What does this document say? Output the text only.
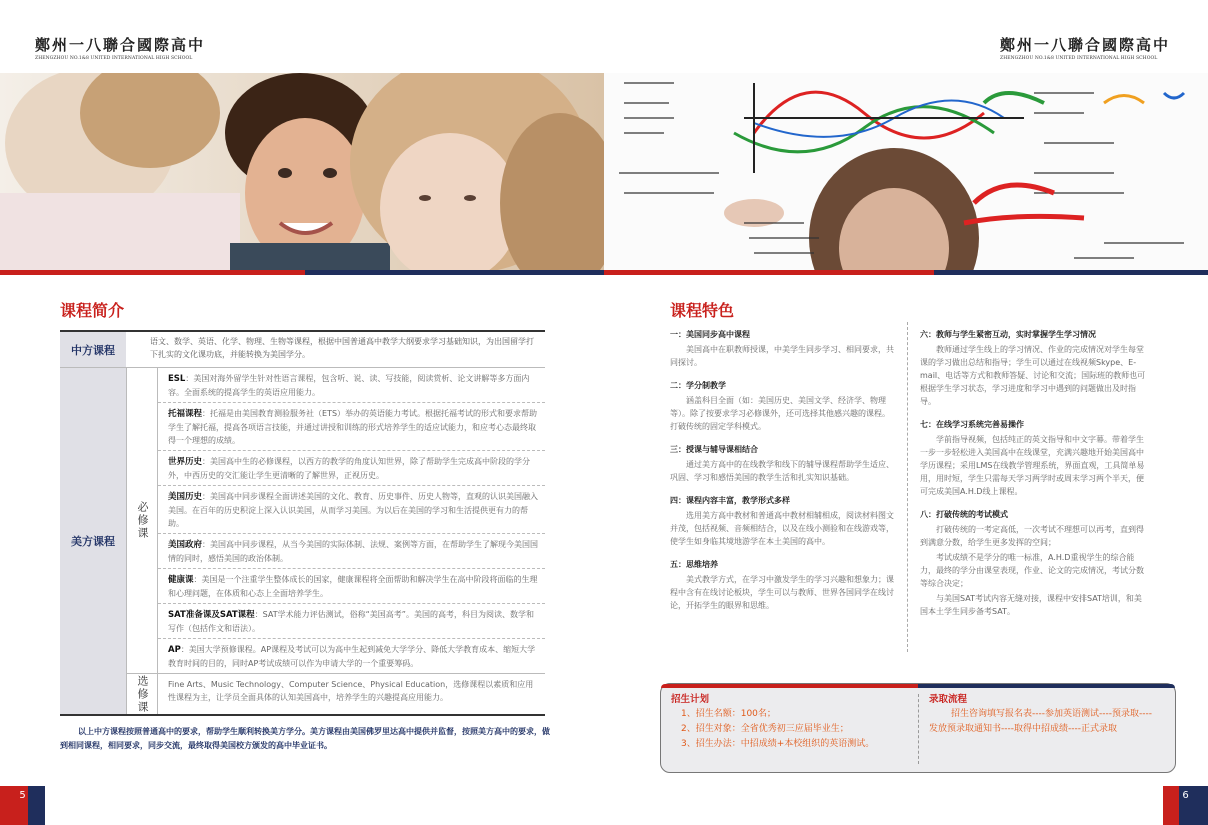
鄭州一八聯合國際高中
ZHENGZHOU NO.1&8 UNITED INTERNATIONAL HIGH SCHOOL
课程简介
中方课程
语文、数学、英语、化学、物理、生物等课程，根据中国普通高中教学大纲要求学习基础知识，为出国留学打下扎实的文化课功底，并能转换为美国学分。
美方课程
必修课
ESL：美国对海外留学生针对性语言课程，包含听、说、读、写技能，阅读赏析、论文讲解等多方面内容。全面系统的提高学生的英语应用能力。
托福课程：托福是由美国教育测验服务社（ETS）举办的英语能力考试。根据托福考试的形式和要求帮助学生了解托福，提高各项语言技能，并通过讲授和训练的形式培养学生的适应试能力，和应考心态最终取得一个理想的成绩。
世界历史：美国高中生的必修课程，以西方的教学的角度认知世界，除了帮助学生完成高中阶段的学分外，中西历史的交汇能让学生更清晰的了解世界，正视历史。
美国历史：美国高中同步课程全面讲述美国的文化、教育、历史事件、历史人物等，直观的认识美国融入美国。在百年的历史积淀上深入认识美国，从而学习美国。为以后在美国的学习和生活提供更有力的帮助。
美国政府：美国高中同步课程，从当今美国的实际体制、法规、案例等方面，在帮助学生了解现今美国国情的同时，感悟美国的政治体制。
健康课：美国是一个注重学生整体成长的国家，健康课程将全面帮助和解决学生在高中阶段将面临的生理和心理问题，在体质和心态上全面培养学生。
SAT准备课及SAT课程：SAT学术能力评估测试，俗称“美国高考”。美国的高考，科目为阅读、数学和写作（包括作文和语法）。
AP：美国大学预修课程。AP课程及考试可以为高中生起到减免大学学分、降低大学教育成本、缩短大学教育时间的目的，同时AP考试成绩可以作为申请大学的一个重要筹码。
选修课	Fine Arts、Music Technology、Computer Science、Physical Education，选修课程以素质和应用性课程为主，让学员全面具体的认知美国高中，培养学生的兴趣提高应用能力。
以上中方课程按照普通高中的要求，帮助学生顺利转换美方学分。美方课程由美国佛罗里达高中提供并监督，按照美方高中的要求，做到相同课程，相同要求，同步交流，最终取得美国校方颁发的高中毕业证书。
5
鄭州一八聯合國際高中
ZHENGZHOU NO.1&8 UNITED INTERNATIONAL HIGH SCHOOL
课程特色
一：美国同步高中课程

美国高中在职教师授课，中美学生同步学习、相同要求，共同探讨。

二：学分制教学

涵盖科目全面（如：美国历史、美国文学、经济学、物理等）。除了按要求学习必修课外，还可选择其他感兴趣的课程。打破传统的固定学科模式。

三：授课与辅导课相结合

通过美方高中的在线教学和线下的辅导课程帮助学生适应、巩固、学习和感悟美国的教学生活和扎实知识基础。

四：课程内容丰富，教学形式多样

选用美方高中教材和普通高中教材相辅相成，阅读材料图文并茂，包括视频、音频相结合，以及在线小测验和在线游戏等，使学生如身临其境地游学在本土美国的高中。

五：思维培养

美式教学方式，在学习中激发学生的学习兴趣和想象力；课程中含有在线讨论板块，学生可以与教师、世界各国同学在线讨论，开拓学生的眼界和思维。

六：教师与学生紧密互动，实时掌握学生学习情况

教师通过学生线上的学习情况、作业的完成情况对学生每堂课的学习做出总结和指导；学生可以通过在线视频Skype、E-mail、电话等方式和教师答疑、讨论和交流；国际班的教师也可根据学生学习状态，学习进度和学习中遇到的问题做出及时指导。

七：在线学习系统完善易操作

学前指导视频，包括纯正的英文指导和中文字幕。带着学生一步一步轻松进入美国高中在线课堂，充满兴趣地开始美国高中学历课程；采用LMS在线教学管理系统，界面直观，工具简单易用，用时短，学生只需每天学习两学时或周末学习两个半天，便可完成美国A.H.D线上课程。

八：打破传统的考试模式

打破传统的一考定高低，一次考试不理想可以再考，直到得到满意分数，给学生更多发挥的空间；

考试成绩不是学分的唯一标准，A.H.D重视学生的综合能力，最终的学分由课堂表现，作业、论文的完成情况，考试分数等综合决定；

与美国SAT考试内容无缝对接，课程中安排SAT培训，和美国本土学生同步备考SAT。

招生计划
1、招生名额：100名；
2、招生对象：全省优秀初三应届毕业生；
3、招生办法：中招成绩+本校组织的英语测试。
录取流程
招生咨询填写报名表----参加英语测试----预录取----发放预录取通知书----取得中招成绩----正式录取
6
